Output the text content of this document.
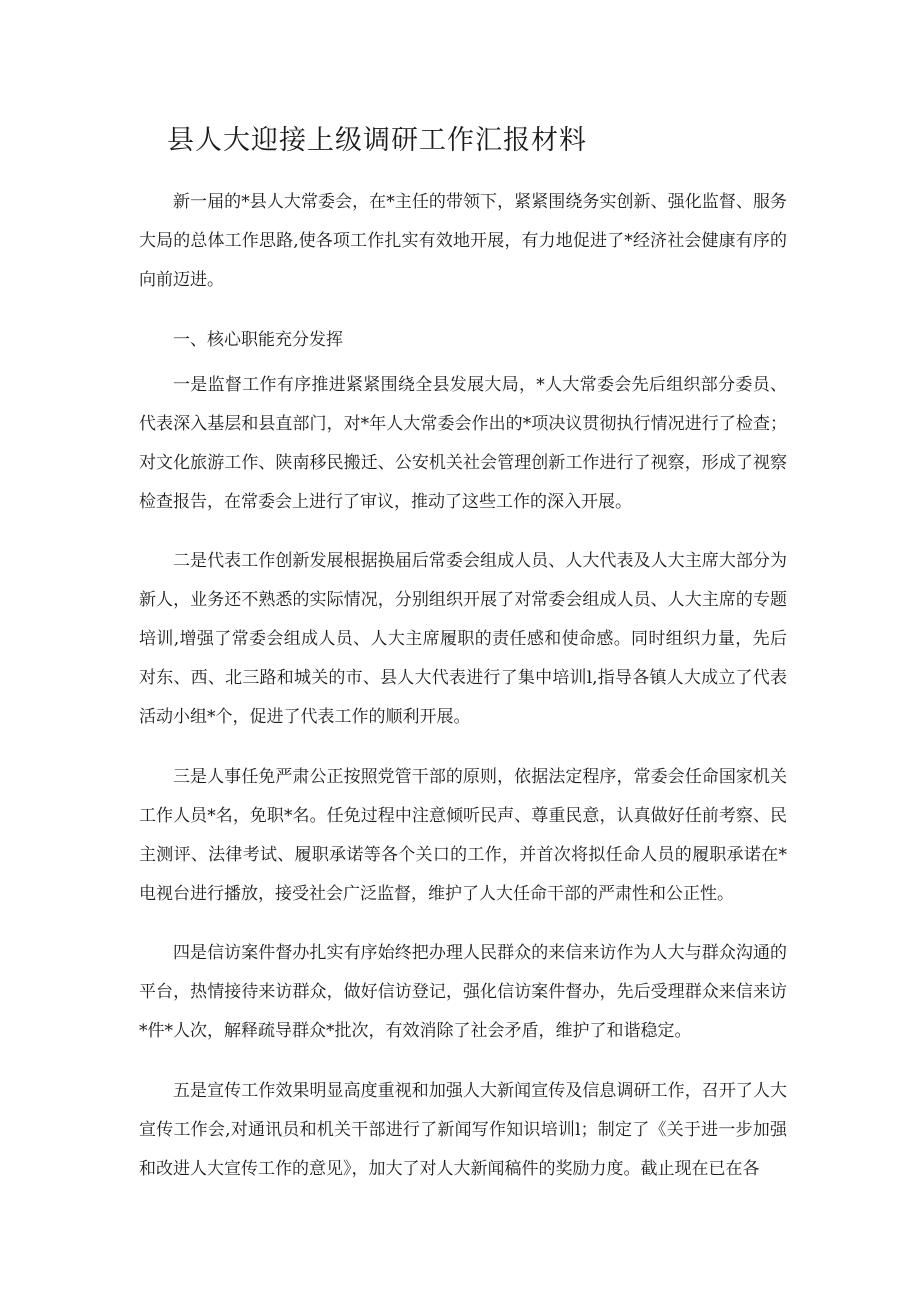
县人大迎接上级调研工作汇报材料

新一届的*县人大常委会，在*主任的带领下，紧紧围绕务实创新、强化监督、服务大局的总体工作思路,使各项工作扎实有效地开展，有力地促进了*经济社会健康有序的向前迈进。

一、核心职能充分发挥

一是监督工作有序推进紧紧围绕全县发展大局，*人大常委会先后组织部分委员、代表深入基层和县直部门，对*年人大常委会作出的*项决议贯彻执行情况进行了检查；对文化旅游工作、陕南移民搬迁、公安机关社会管理创新工作进行了视察，形成了视察检查报告，在常委会上进行了审议，推动了这些工作的深入开展。

二是代表工作创新发展根据换届后常委会组成人员、人大代表及人大主席大部分为新人，业务还不熟悉的实际情况，分别组织开展了对常委会组成人员、人大主席的专题培训,增强了常委会组成人员、人大主席履职的责任感和使命感。同时组织力量，先后对东、西、北三路和城关的市、县人大代表进行了集中培训l,指导各镇人大成立了代表活动小组*个，促进了代表工作的顺利开展。

三是人事任免严肃公正按照党管干部的原则，依据法定程序，常委会任命国家机关工作人员*名，免职*名。任免过程中注意倾听民声、尊重民意，认真做好任前考察、民主测评、法律考试、履职承诺等各个关口的工作，并首次将拟任命人员的履职承诺在*电视台进行播放，接受社会广泛监督，维护了人大任命干部的严肃性和公正性。

四是信访案件督办扎实有序始终把办理人民群众的来信来访作为人大与群众沟通的平台，热情接待来访群众，做好信访登记，强化信访案件督办，先后受理群众来信来访*件*人次，解释疏导群众*批次，有效消除了社会矛盾，维护了和谐稳定。

五是宣传工作效果明显高度重视和加强人大新闻宣传及信息调研工作，召开了人大宣传工作会,对通讯员和机关干部进行了新闻写作知识培训l；制定了《关于进一步加强和改进人大宣传工作的意见》，加大了对人大新闻稿件的奖励力度。截止现在已在各
